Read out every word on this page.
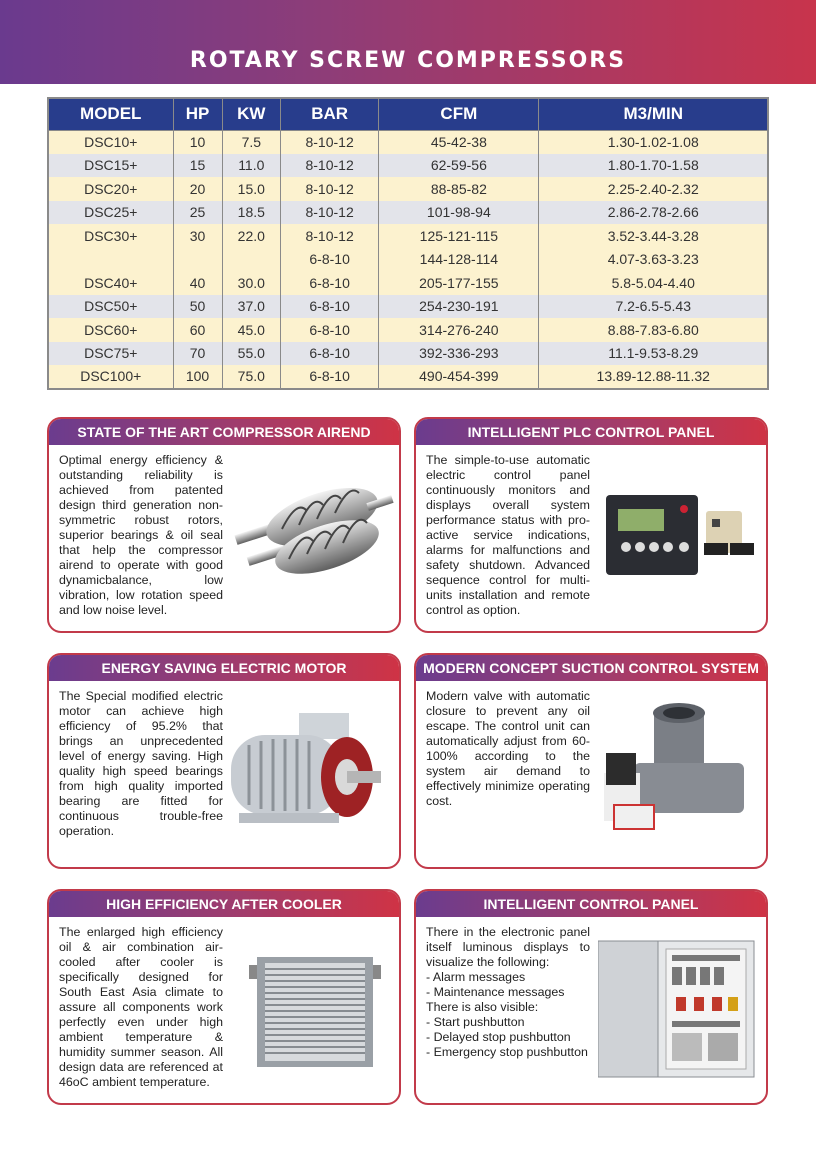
ROTARY SCREW COMPRESSORS
MODEL	HP	KW	BAR	CFM	M3/MIN
DSC10+	10	7.5	8-10-12	45-42-38	1.30-1.02-1.08
DSC15+	15	11.0	8-10-12	62-59-56	1.80-1.70-1.58
DSC20+	20	15.0	8-10-12	88-85-82	2.25-2.40-2.32
DSC25+	25	18.5	8-10-12	101-98-94	2.86-2.78-2.66
DSC30+	30	22.0	8-10-12	125-121-115	3.52-3.44-3.28
			6-8-10	144-128-114	4.07-3.63-3.23
DSC40+	40	30.0	6-8-10	205-177-155	5.8-5.04-4.40
DSC50+	50	37.0	6-8-10	254-230-191	7.2-6.5-5.43
DSC60+	60	45.0	6-8-10	314-276-240	8.88-7.83-6.80
DSC75+	70	55.0	6-8-10	392-336-293	11.1-9.53-8.29
DSC100+	100	75.0	6-8-10	490-454-399	13.89-12.88-11.32
STATE OF THE ART COMPRESSOR AIREND
Optimal energy efficiency & outstanding reliability is achieved from patented design third generation non-symmetric robust rotors, superior bearings & oil seal that help the compressor airend to operate with good dynamicbalance, low vibration, low rotation speed and low noise level.
INTELLIGENT PLC CONTROL PANEL
The simple-to-use automatic electric control panel continuously monitors and displays overall system performance status with pro-active service indications, alarms for malfunctions and safety shutdown. Advanced sequence control for multi-units installation and remote control as option.
ENERGY SAVING ELECTRIC MOTOR
The Special modified electric motor can achieve high efficiency of 95.2% that brings an unprecedented level of energy saving. High quality high speed bearings from high quality imported bearing are fitted for continuous trouble-free operation.
MODERN CONCEPT SUCTION CONTROL SYSTEM
Modern valve with automatic closure to prevent any oil escape. The control unit can automatically adjust from 60-100% according to the system air demand to effectively minimize operating cost.
HIGH EFFICIENCY AFTER COOLER
The enlarged high efficiency oil & air combination air-cooled after cooler is specifically designed for South East Asia climate to assure all components work perfectly even under high ambient temperature & humidity summer season. All design data are referenced at 46oC ambient temperature.
INTELLIGENT CONTROL PANEL

There in the electronic panel itself luminous displays to visualize the following:

- Alarm messages

- Maintenance messages

There is also visible:

- Start pushbutton

- Delayed stop pushbutton

- Emergency stop pushbutton
